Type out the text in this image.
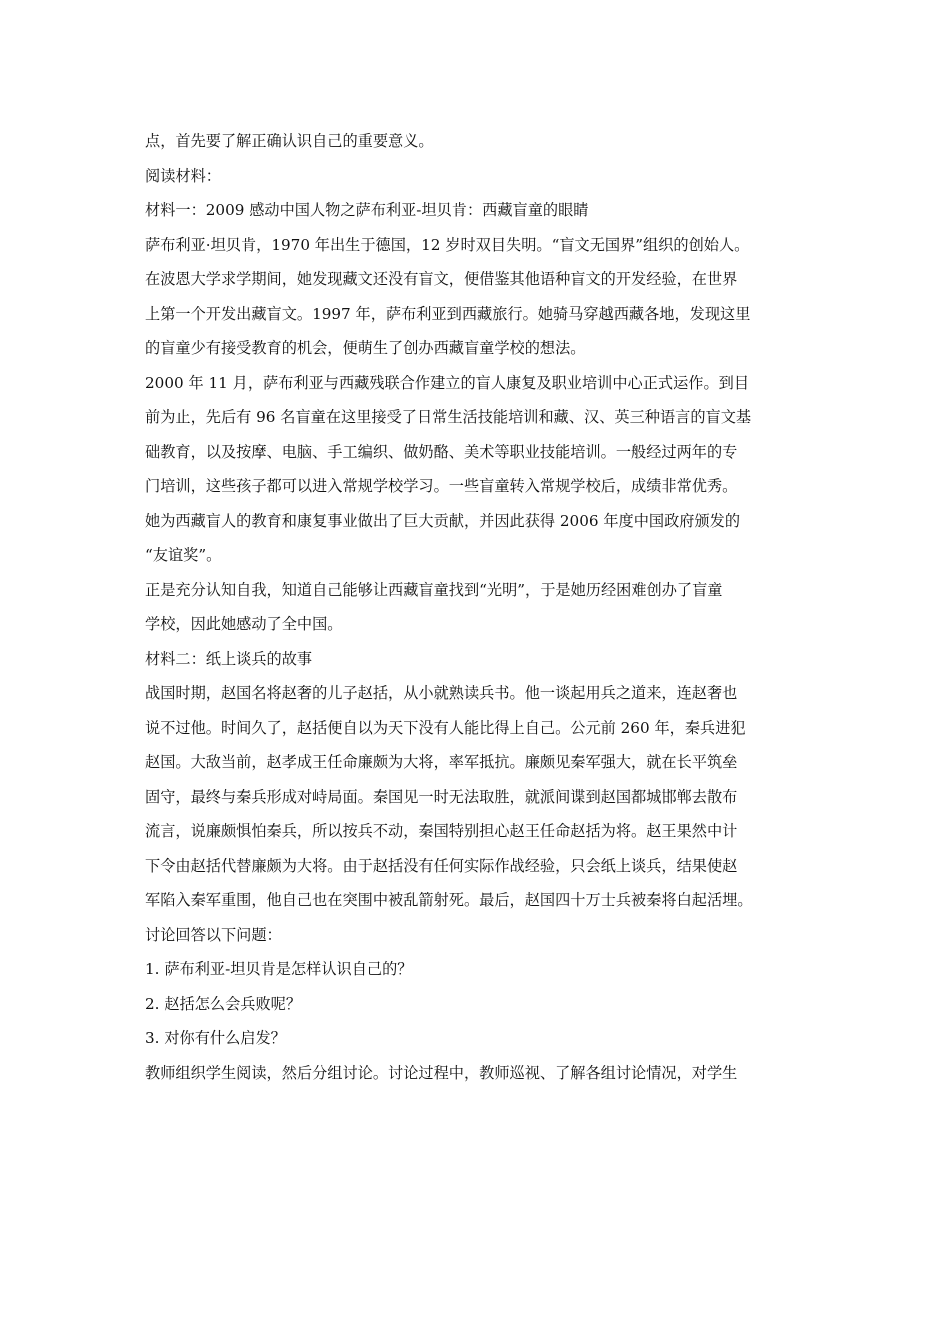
点，首先要了解正确认识自己的重要意义。
阅读材料：
材料一：2009 感动中国人物之萨布利亚-坦贝肯：西藏盲童的眼睛
萨布利亚·坦贝肯，1970 年出生于德国，12 岁时双目失明。“盲文无国界”组织的创始人。
在波恩大学求学期间，她发现藏文还没有盲文，便借鉴其他语种盲文的开发经验，在世界
上第一个开发出藏盲文。1997 年，萨布利亚到西藏旅行。她骑马穿越西藏各地，发现这里
的盲童少有接受教育的机会，便萌生了创办西藏盲童学校的想法。
2000 年 11 月，萨布利亚与西藏残联合作建立的盲人康复及职业培训中心正式运作。到目
前为止，先后有 96 名盲童在这里接受了日常生活技能培训和藏、汉、英三种语言的盲文基
础教育，以及按摩、电脑、手工编织、做奶酪、美术等职业技能培训。一般经过两年的专
门培训，这些孩子都可以进入常规学校学习。一些盲童转入常规学校后，成绩非常优秀。
她为西藏盲人的教育和康复事业做出了巨大贡献，并因此获得 2006 年度中国政府颁发的
“友谊奖”。
正是充分认知自我，知道自己能够让西藏盲童找到“光明”，于是她历经困难创办了盲童
学校，因此她感动了全中国。
材料二：纸上谈兵的故事
战国时期，赵国名将赵奢的儿子赵括，从小就熟读兵书。他一谈起用兵之道来，连赵奢也
说不过他。时间久了，赵括便自以为天下没有人能比得上自己。公元前 260 年，秦兵进犯
赵国。大敌当前，赵孝成王任命廉颇为大将，率军抵抗。廉颇见秦军强大，就在长平筑垒
固守，最终与秦兵形成对峙局面。秦国见一时无法取胜，就派间谍到赵国都城邯郸去散布
流言，说廉颇惧怕秦兵，所以按兵不动，秦国特别担心赵王任命赵括为将。赵王果然中计
下令由赵括代替廉颇为大将。由于赵括没有任何实际作战经验，只会纸上谈兵，结果使赵
军陷入秦军重围，他自己也在突围中被乱箭射死。最后，赵国四十万士兵被秦将白起活埋。
讨论回答以下问题：
1. 萨布利亚-坦贝肯是怎样认识自己的？
2. 赵括怎么会兵败呢？
3. 对你有什么启发？
教师组织学生阅读，然后分组讨论。讨论过程中，教师巡视、了解各组讨论情况，对学生
